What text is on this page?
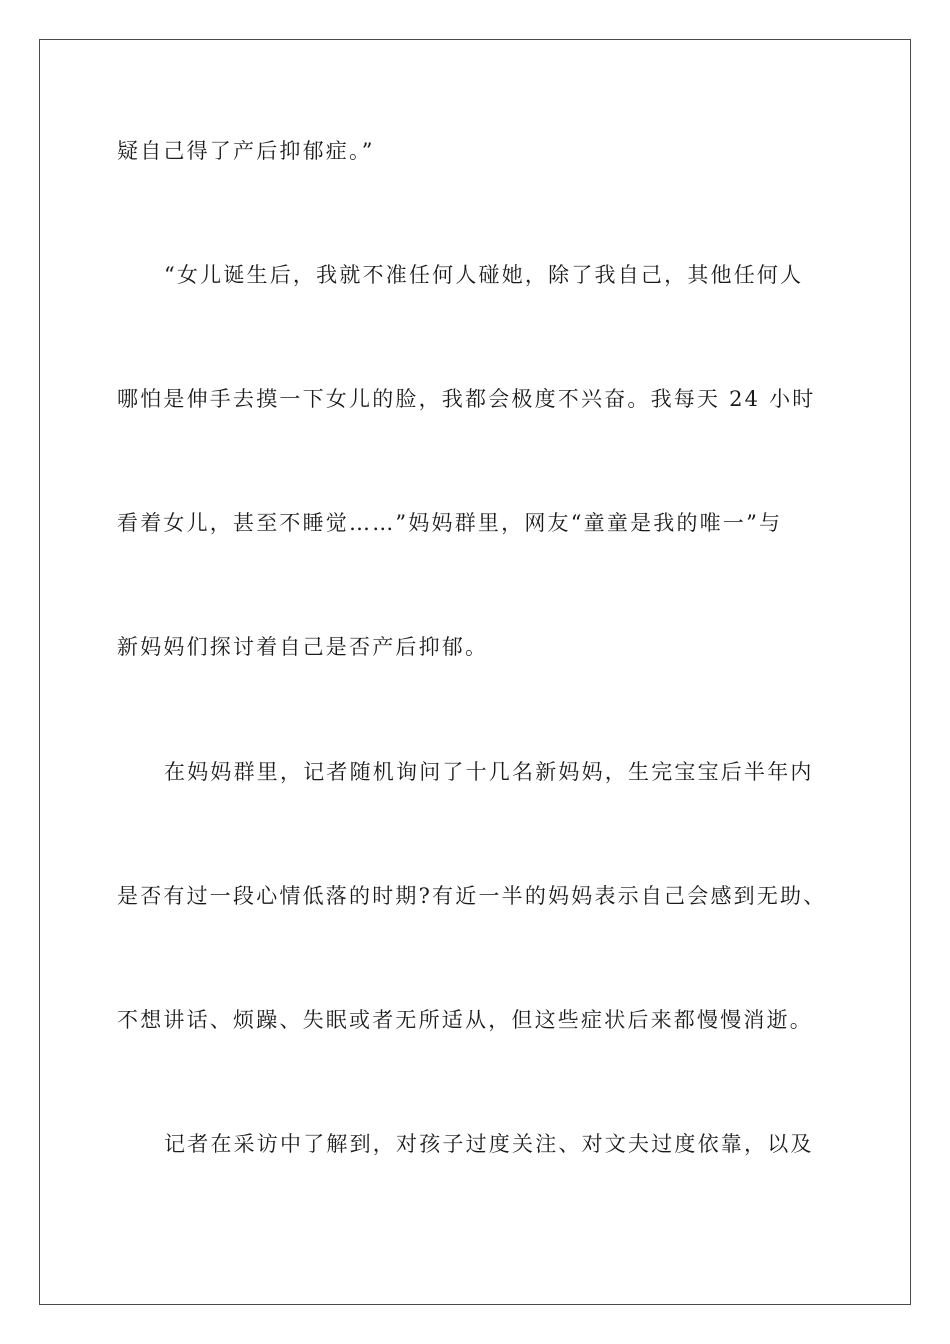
疑自己得了产后抑郁症。”
“女儿诞生后，我就不准任何人碰她，除了我自己，其他任何人
哪怕是伸手去摸一下女儿的脸，我都会极度不兴奋。我每天 24 小时
看着女儿，甚至不睡觉……”妈妈群里，网友“童童是我的唯一”与
新妈妈们探讨着自己是否产后抑郁。
在妈妈群里，记者随机询问了十几名新妈妈，生完宝宝后半年内
是否有过一段心情低落的时期?有近一半的妈妈表示自己会感到无助、
不想讲话、烦躁、失眠或者无所适从，但这些症状后来都慢慢消逝。
记者在采访中了解到，对孩子过度关注、对文夫过度依靠，以及
